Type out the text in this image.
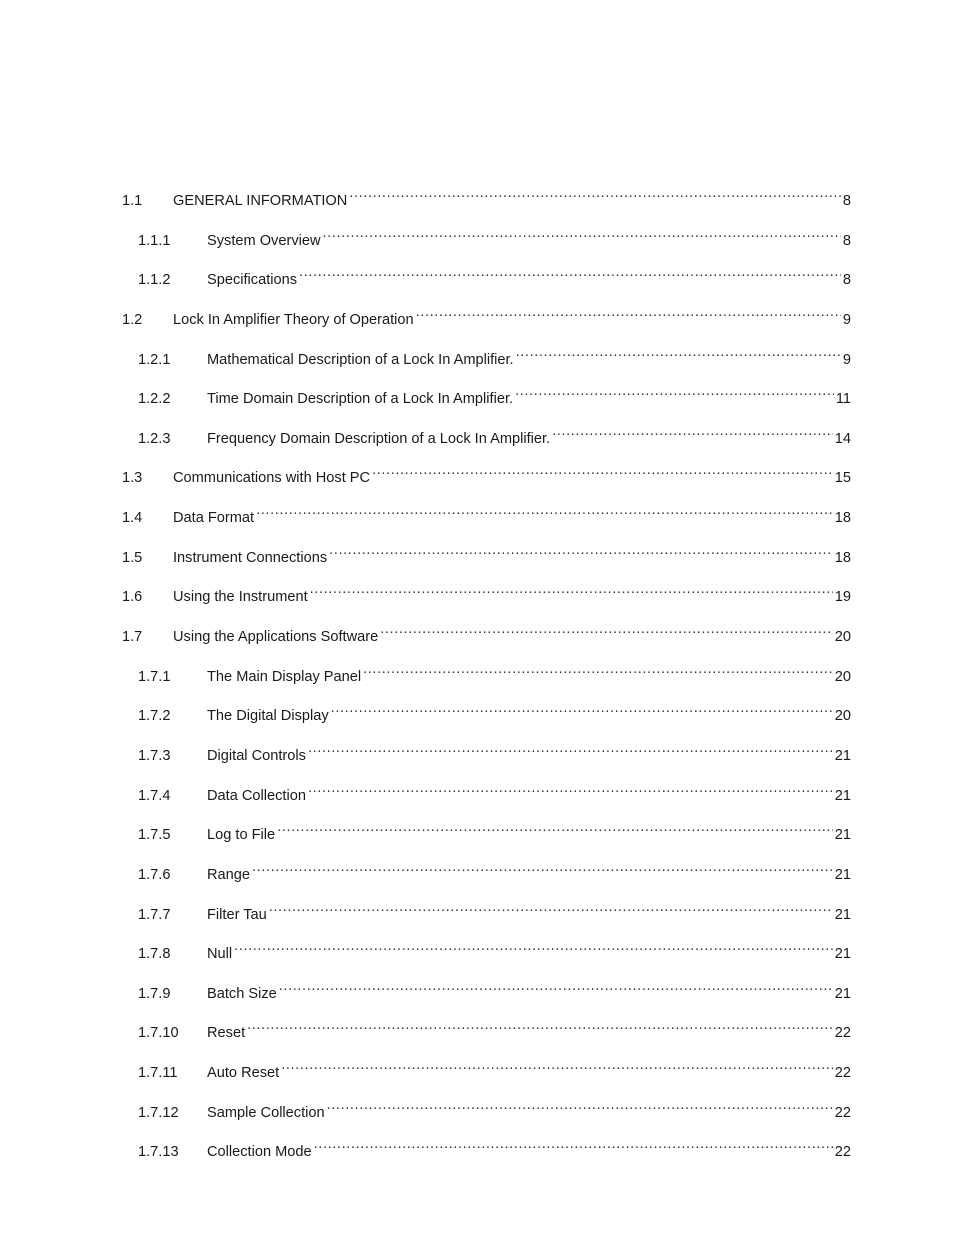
1.1	GENERAL INFORMATION .....	8
1.1.1	System Overview .....	8
1.1.2	Specifications .....	8
1.2	Lock In Amplifier Theory of Operation .....	9
1.2.1	Mathematical Description of a Lock In Amplifier. .....	9
1.2.2	Time Domain Description of a Lock In Amplifier. .....	11
1.2.3	Frequency Domain Description of a Lock In Amplifier. .....	14
1.3	Communications with Host PC .....	15
1.4	Data Format .....	18
1.5	Instrument Connections .....	18
1.6	Using the Instrument .....	19
1.7	Using the Applications Software .....	20
1.7.1	The Main Display Panel .....	20
1.7.2	The Digital Display .....	20
1.7.3	Digital Controls .....	21
1.7.4	Data Collection .....	21
1.7.5	Log to File .....	21
1.7.6	Range .....	21
1.7.7	Filter Tau .....	21
1.7.8	Null .....	21
1.7.9	Batch Size .....	21
1.7.10	Reset .....	22
1.7.11	Auto Reset .....	22
1.7.12	Sample Collection .....	22
1.7.13	Collection Mode .....	22
